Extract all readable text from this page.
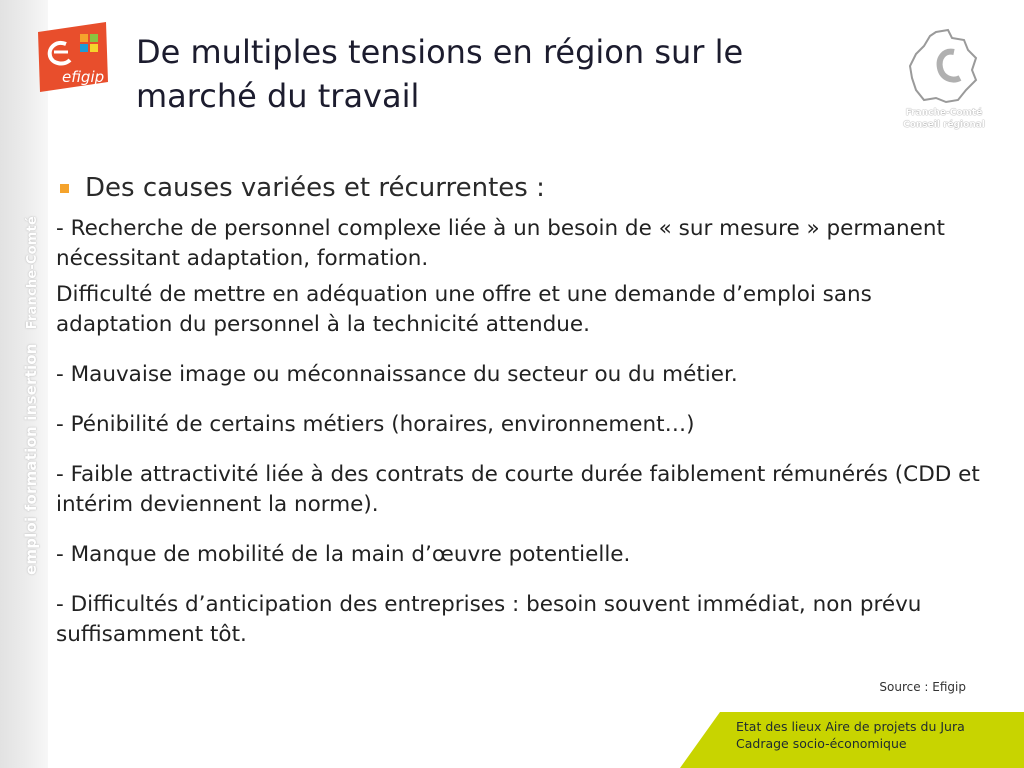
emploi formation insertionFranche-Comté
efigip
Franche-Comté
Conseil régional
De multiples tensions en région sur le marché du travail
Des causes variées et récurrentes :

- Recherche de personnel complexe liée à un besoin de « sur mesure » permanent nécessitant adaptation, formation.

Difficulté de mettre en adéquation une offre et une demande d’emploi sans adaptation du personnel à la technicité attendue.

- Mauvaise image ou méconnaissance du secteur ou du métier.

- Pénibilité de certains métiers (horaires, environnement…)

- Faible attractivité liée à des contrats de courte durée faiblement rémunérés (CDD et intérim deviennent la norme).

- Manque de mobilité de la main d’œuvre potentielle.

- Difficultés d’anticipation des entreprises : besoin souvent immédiat, non prévu suffisamment tôt.

Source : Efigip
Etat des lieux Aire de projets du Jura
Cadrage socio-économique
